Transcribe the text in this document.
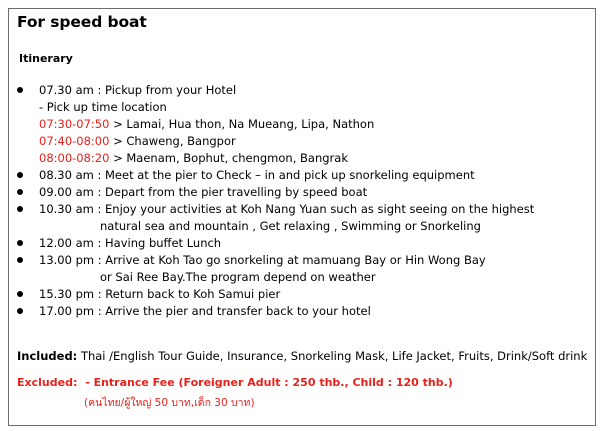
For speed boat
Itinerary
07.30 am : Pickup from your Hotel
- Pick up time location
07:30-07:50 > Lamai, Hua thon, Na Mueang, Lipa, Nathon
07:40-08:00 > Chaweng, Bangpor
08:00-08:20 > Maenam, Bophut, chengmon, Bangrak
08.30 am : Meet at the pier to Check – in and pick up snorkeling equipment
09.00 am : Depart from the pier travelling by speed boat
10.30 am : Enjoy your activities at Koh Nang Yuan such as sight seeing on the highest
natural sea and mountain , Get relaxing , Swimming or Snorkeling
12.00 am : Having buffet Lunch
13.00 pm : Arrive at Koh Tao go snorkeling at mamuang Bay or Hin Wong Bay
or Sai Ree Bay.The program depend on weather
15.30 pm : Return back to Koh Samui pier
17.00 pm : Arrive the pier and transfer back to your hotel
Included: Thai /English Tour Guide, Insurance, Snorkeling Mask, Life Jacket, Fruits, Drink/Soft drink
Excluded: - Entrance Fee (Foreigner Adult : 250 thb., Child : 120 thb.)
(คนไทย/ผู้ใหญ่ 50 บาท,เด็ก 30 บาท)
